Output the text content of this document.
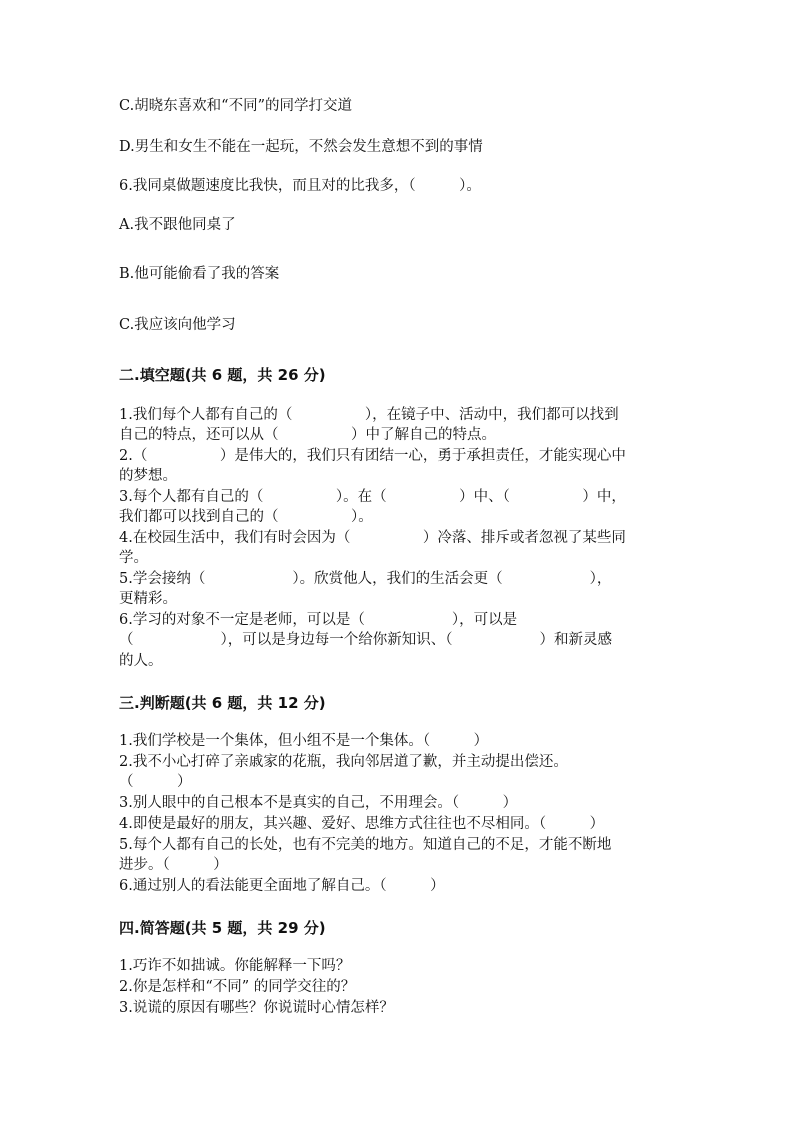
C.胡晓东喜欢和“不同”的同学打交道
D.男生和女生不能在一起玩，不然会发生意想不到的事情
6.我同桌做题速度比我快，而且对的比我多，（　　　）。
A.我不跟他同桌了
B.他可能偷看了我的答案
C.我应该向他学习
二.填空题(共 6 题，共 26 分)
1.我们每个人都有自己的（　　　　　），在镜子中、活动中，我们都可以找到
自己的特点，还可以从（　　　　　）中了解自己的特点。
2.（　　　　　）是伟大的，我们只有团结一心，勇于承担责任，才能实现心中
的梦想。
3.每个人都有自己的（　　　　　）。在（　　　　　）中、（　　　　　）中，
我们都可以找到自己的（　　　　　）。
4.在校园生活中，我们有时会因为（　　　　　）冷落、排斥或者忽视了某些同
学。
5.学会接纳（　　　　　　）。欣赏他人，我们的生活会更（　　　　　　），
更精彩。
6.学习的对象不一定是老师，可以是（　　　　　　），可以是
（　　　　　　），可以是身边每一个给你新知识、（　　　　　　）和新灵感
的人。
三.判断题(共 6 题，共 12 分)
1.我们学校是一个集体，但小组不是一个集体。（　　　）
2.我不小心打碎了亲戚家的花瓶，我向邻居道了歉，并主动提出偿还。
（　　　）
3.别人眼中的自己根本不是真实的自己，不用理会。（　　　）
4.即使是最好的朋友，其兴趣、爱好、思维方式往往也不尽相同。（　　　）
5.每个人都有自己的长处，也有不完美的地方。知道自己的不足，才能不断地
进步。（　　　）
6.通过别人的看法能更全面地了解自己。（　　　）
四.简答题(共 5 题，共 29 分)
1.巧诈不如拙诚。你能解释一下吗？
2.你是怎样和“不同” 的同学交往的？
3.说谎的原因有哪些？你说谎时心情怎样？
